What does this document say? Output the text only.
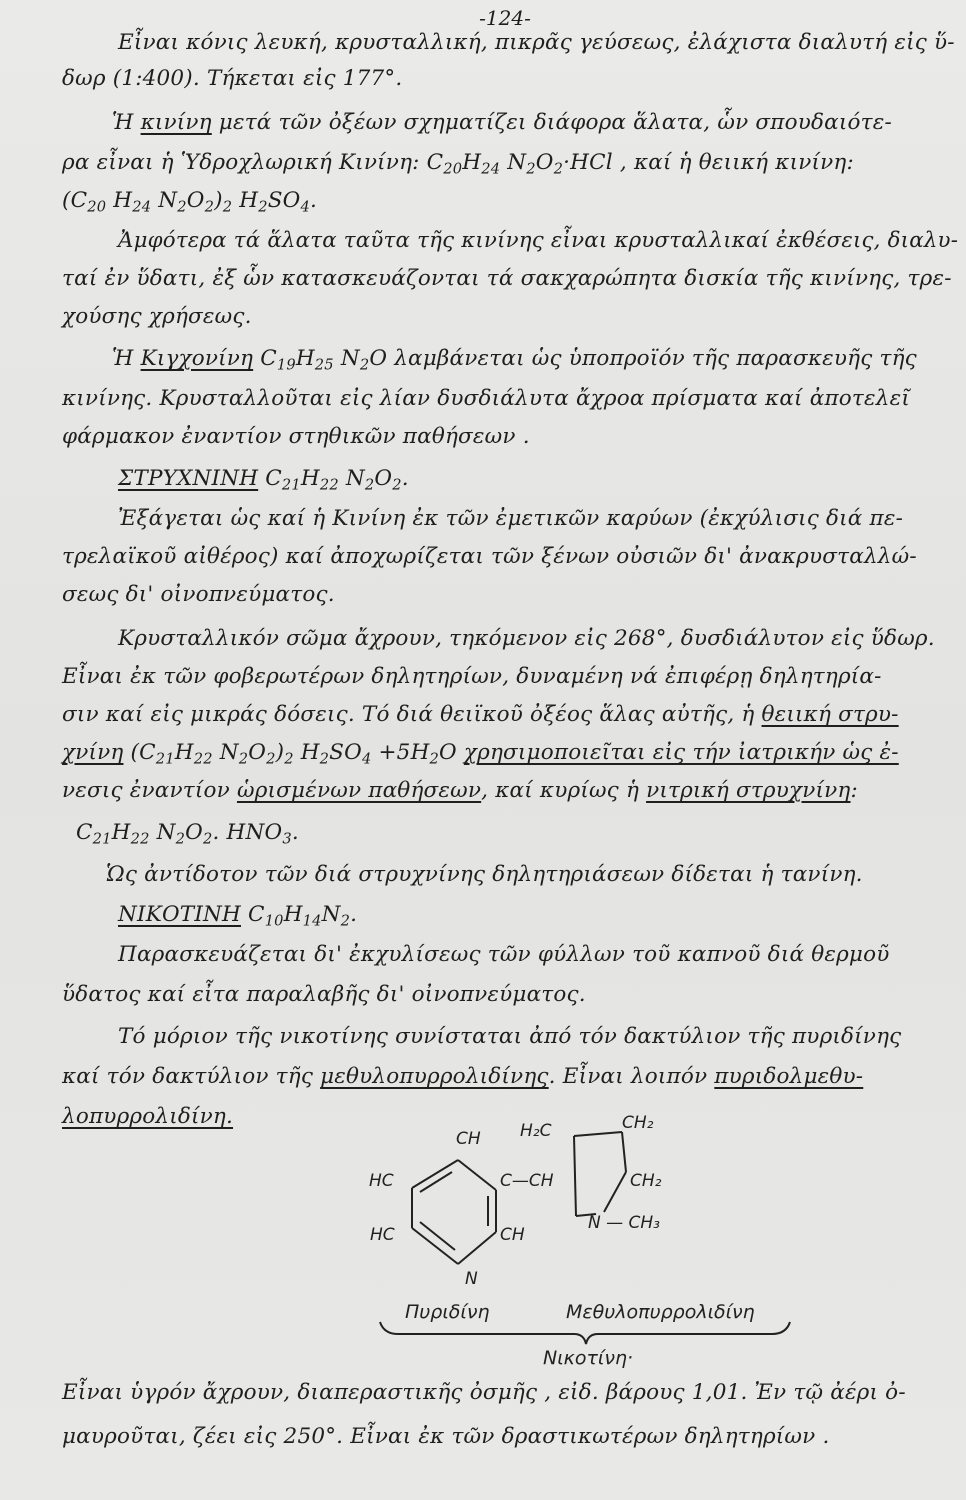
-124-
Εἶναι κόνις λευκή, κρυσταλλική, πικρᾶς γεύσεως, ἐλάχιστα διαλυτή εἰς ὕ-
δωρ (1:400). Τήκεται εἰς 177°.
Ἡ κινίνη μετά τῶν ὀξέων σχηματίζει διάφορα ἅλατα, ὧν σπουδαιότε-
ρα εἶναι ἡ Ὑδροχλωρική Κινίνη: $C_{20}H_{24}$ $N_2O_2\cdot HCl$ , καί ἡ θειική κινίνη:
($C_{20}$ $H_{24}$ $N_2O_2)_2$ $H_2SO_4$.
Ἀμφότερα τά ἅλατα ταῦτα τῆς κινίνης εἶναι κρυσταλλικαί ἐκθέσεις, διαλυ-
ταί ἐν ὕδατι, ἐξ ὧν κατασκευάζονται τά σακχαρώπητα δισκία τῆς κινίνης, τρε-
χούσης χρήσεως.
Ἡ Κιγχονίνη $C_{19}H_{25}$ $N_2O$ λαμβάνεται ὡς ὑποπροϊόν τῆς παρασκευῆς τῆς
κινίνης. Κρυσταλλοῦται εἰς λίαν δυσδιάλυτα ἄχροα πρίσματα καί ἀποτελεῖ
φάρμακον ἐναντίον στηθικῶν παθήσεων .
ΣΤΡΥΧΝΙΝΗ $C_{21}H_{22}$ $N_2O_2$.
Ἐξάγεται ὡς καί ἡ Κινίνη ἐκ τῶν ἐμετικῶν καρύων (ἐκχύλισις διά πε-
τρελαϊκοῦ αἰθέρος) καί ἀποχωρίζεται τῶν ξένων οὐσιῶν δι' ἀνακρυσταλλώ-
σεως δι' οἰνοπνεύματος.
Κρυσταλλικόν σῶμα ἄχρουν, τηκόμενον εἰς 268°, δυσδιάλυτον εἰς ὕδωρ.
Εἶναι ἐκ τῶν φοβερωτέρων δηλητηρίων, δυναμένη νά ἐπιφέρῃ δηλητηρία-
σιν καί εἰς μικράς δόσεις. Τό διά θειϊκοῦ ὀξέος ἅλας αὐτῆς, ἡ θειική στρυ-
χνίνη ($C_{21}H_{22}$ $N_2O_2)_2$ $H_2SO_4 +5H_2O$ χρησιμοποιεῖται εἰς τήν ἰατρικήν ὡς ἐ-
νεσις ἐναντίον ὡρισμένων παθήσεων, καί κυρίως ἡ νιτρική στρυχνίνη:
$C_{21}H_{22}$ $N_2O_2$. $HNO_3$.
Ὡς ἀντίδοτον τῶν διά στρυχνίνης δηλητηριάσεων δίδεται ἡ τανίνη.
ΝΙΚΟΤΙΝΗ $C_{10}H_{14}N_2$.
Παρασκευάζεται δι' ἐκχυλίσεως τῶν φύλλων τοῦ καπνοῦ διά θερμοῦ
ὕδατος καί εἶτα παραλαβῆς δι' οἰνοπνεύματος.
Τό μόριον τῆς νικοτίνης συνίσταται ἀπό τόν δακτύλιον τῆς πυριδίνης
καί τόν δακτύλιον τῆς μεθυλοπυρρολιδίνης. Εἶναι λοιπόν πυριδολμεθυ-
λοπυρρολιδίνη.
CH
HC	C—CH
HC	CH
N
H₂C	CH₂
CH₂
N — CH₃
Πυριδίνη	Μεθυλοπυρρολιδίνη
Νικοτίνη·
Εἶναι ὑγρόν ἄχρουν, διαπεραστικῆς ὀσμῆς , εἰδ. βάρους 1,01. Ἐν τῷ ἀέρι ὀ-
μαυροῦται, ζέει εἰς 250°. Εἶναι ἐκ τῶν δραστικωτέρων δηλητηρίων .
